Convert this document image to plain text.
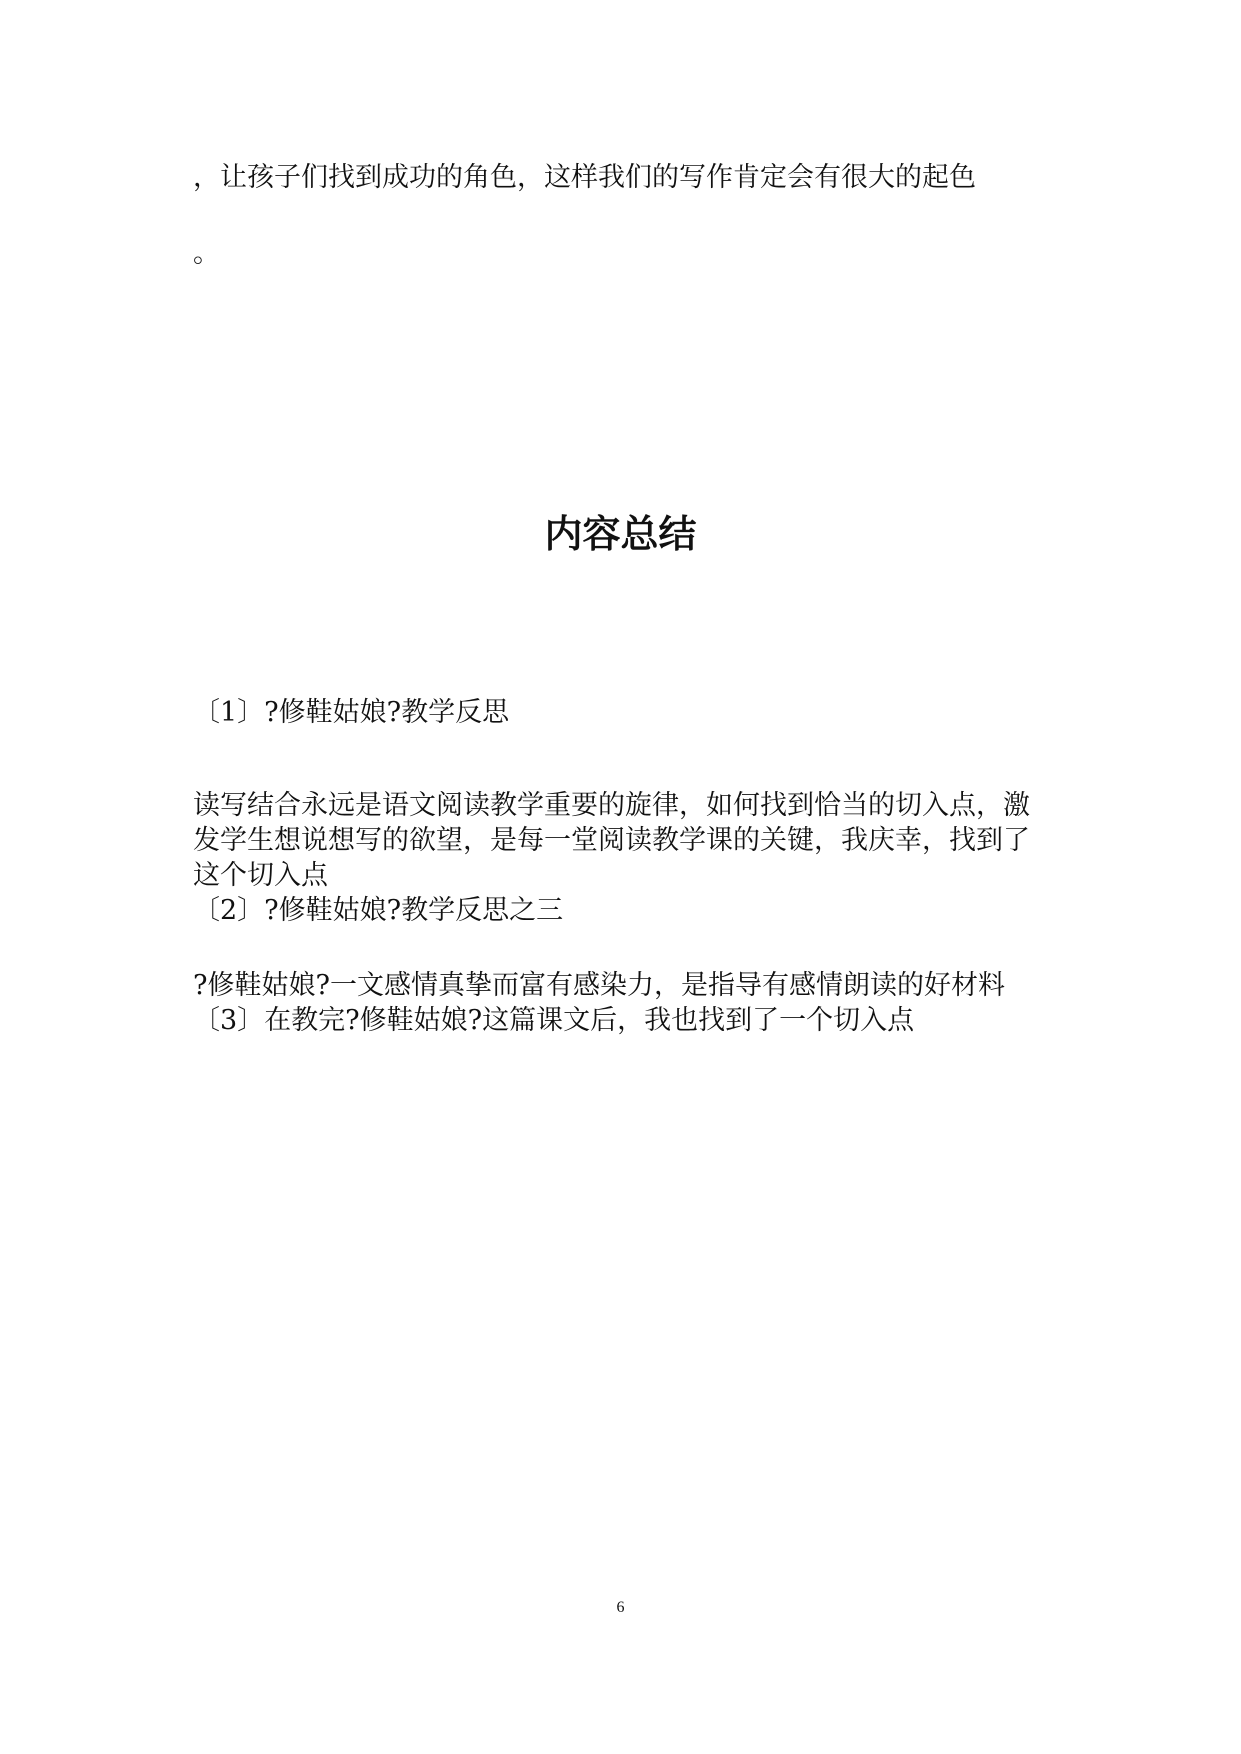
，让孩子们找到成功的角色，这样我们的写作肯定会有很大的起色

。

内容总结

〔1〕?修鞋姑娘?教学反思

读写结合永远是语文阅读教学重要的旋律，如何找到恰当的切入点，激

发学生想说想写的欲望，是每一堂阅读教学课的关键，我庆幸，找到了

这个切入点

〔2〕?修鞋姑娘?教学反思之三

?修鞋姑娘?一文感情真挚而富有感染力，是指导有感情朗读的好材料

〔3〕在教完?修鞋姑娘?这篇课文后，我也找到了一个切入点

6
